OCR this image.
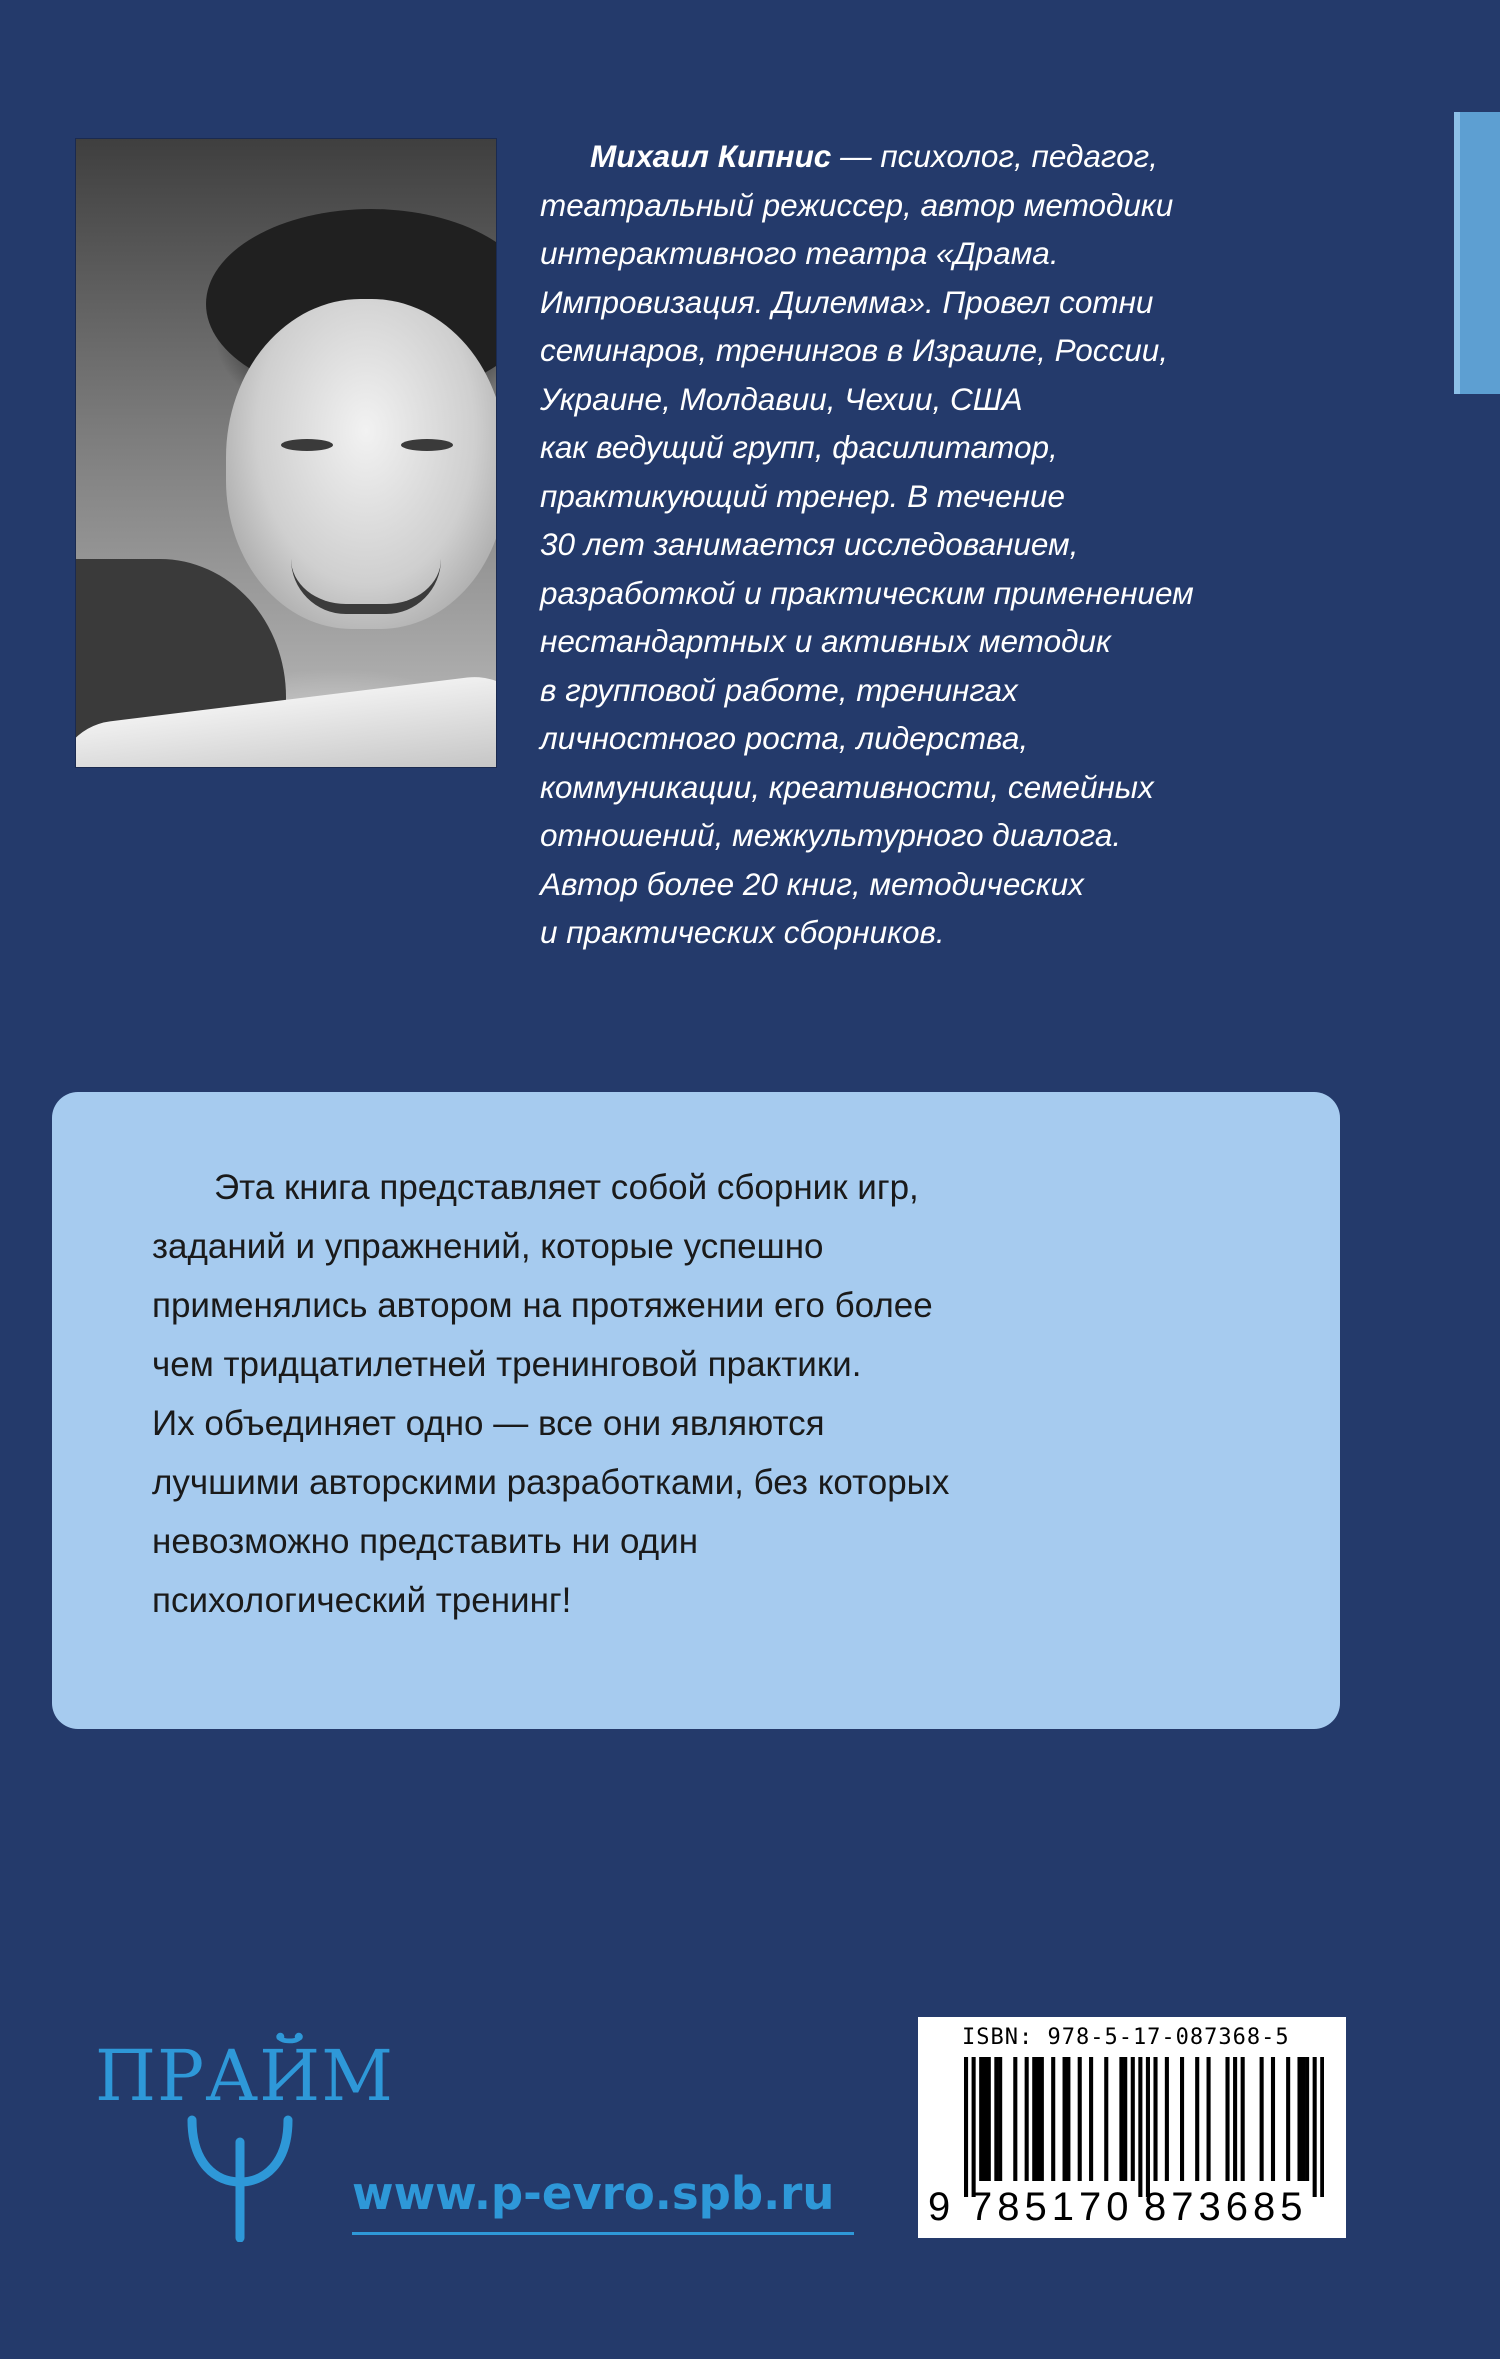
Михаил Кипнис — психолог, педагог,
театральный режиссер, автор методики
интерактивного театра «Драма.
Импровизация. Дилемма». Провел сотни
семинаров, тренингов в Израиле, России,
Украине, Молдавии, Чехии, США
как ведущий групп, фасилитатор,
практикующий тренер. В течение
30 лет занимается исследованием,
разработкой и практическим применением
нестандартных и активных методик
в групповой работе, тренингах
личностного роста, лидерства,
коммуникации, креативности, семейных
отношений, межкультурного диалога.
Автор более 20 книг, методических
и практических сборников.
Эта книга представляет собой сборник игр,
заданий и упражнений, которые успешно
применялись автором на протяжении его более
чем тридцатилетней тренинговой практики.
Их объединяет одно — все они являются
лучшими авторскими разработками, без которых
невозможно представить ни один
психологический тренинг!
ПРАЙМ
www.p-evro.spb.ru
ISBN: 978-5-17-087368-5
9 785170 873685
